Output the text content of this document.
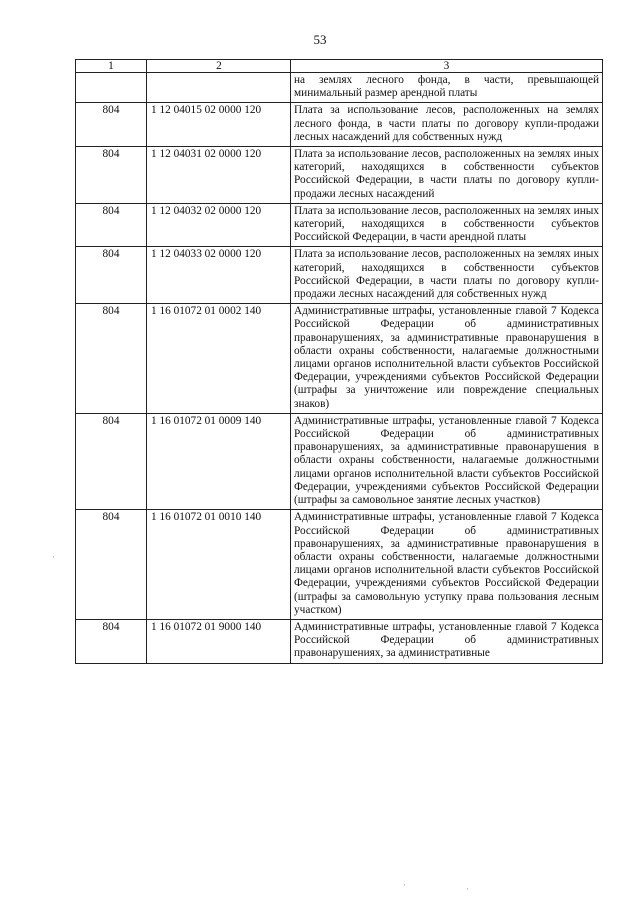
53
1	2	3
		на землях лесного фонда, в части, превышающей минимальный размер арендной платы
804	1 12 04015 02 0000 120	Плата за использование лесов, расположенных на землях лесного фонда, в части платы по договору купли-продажи лесных насаждений для собственных нужд
804	1 12 04031 02 0000 120	Плата за использование лесов, расположенных на землях иных категорий, находящихся в собственности субъектов Российской Федерации, в части платы по договору купли-продажи лесных насаждений
804	1 12 04032 02 0000 120	Плата за использование лесов, расположенных на землях иных категорий, находящихся в собственности субъектов Российской Федерации, в части арендной платы
804	1 12 04033 02 0000 120	Плата за использование лесов, расположенных на землях иных категорий, находящихся в собственности субъектов Российской Федерации, в части платы по договору купли-продажи лесных насаждений для собственных нужд
804	1 16 01072 01 0002 140	Административные штрафы, установленные главой 7 Кодекса Российской Федерации об административных правонарушениях, за административные правонарушения в области охраны собственности, налагаемые должностными лицами органов исполнительной власти субъектов Российской Федерации, учреждениями субъектов Российской Федерации (штрафы за уничтожение или повреждение специальных знаков)
804	1 16 01072 01 0009 140	Административные штрафы, установленные главой 7 Кодекса Российской Федерации об административных правонарушениях, за административные правонарушения в области охраны собственности, налагаемые должностными лицами органов исполнительной власти субъектов Российской Федерации, учреждениями субъектов Российской Федерации (штрафы за самовольное занятие лесных участков)
804	1 16 01072 01 0010 140	Административные штрафы, установленные главой 7 Кодекса Российской Федерации об административных правонарушениях, за административные правонарушения в области охраны собственности, налагаемые должностными лицами органов исполнительной власти субъектов Российской Федерации, учреждениями субъектов Российской Федерации (штрафы за самовольную уступку права пользования лесным участком)
804	1 16 01072 01 9000 140	Административные штрафы, установленные главой 7 Кодекса Российской Федерации об административных правонарушениях, за административные
·
·	·
